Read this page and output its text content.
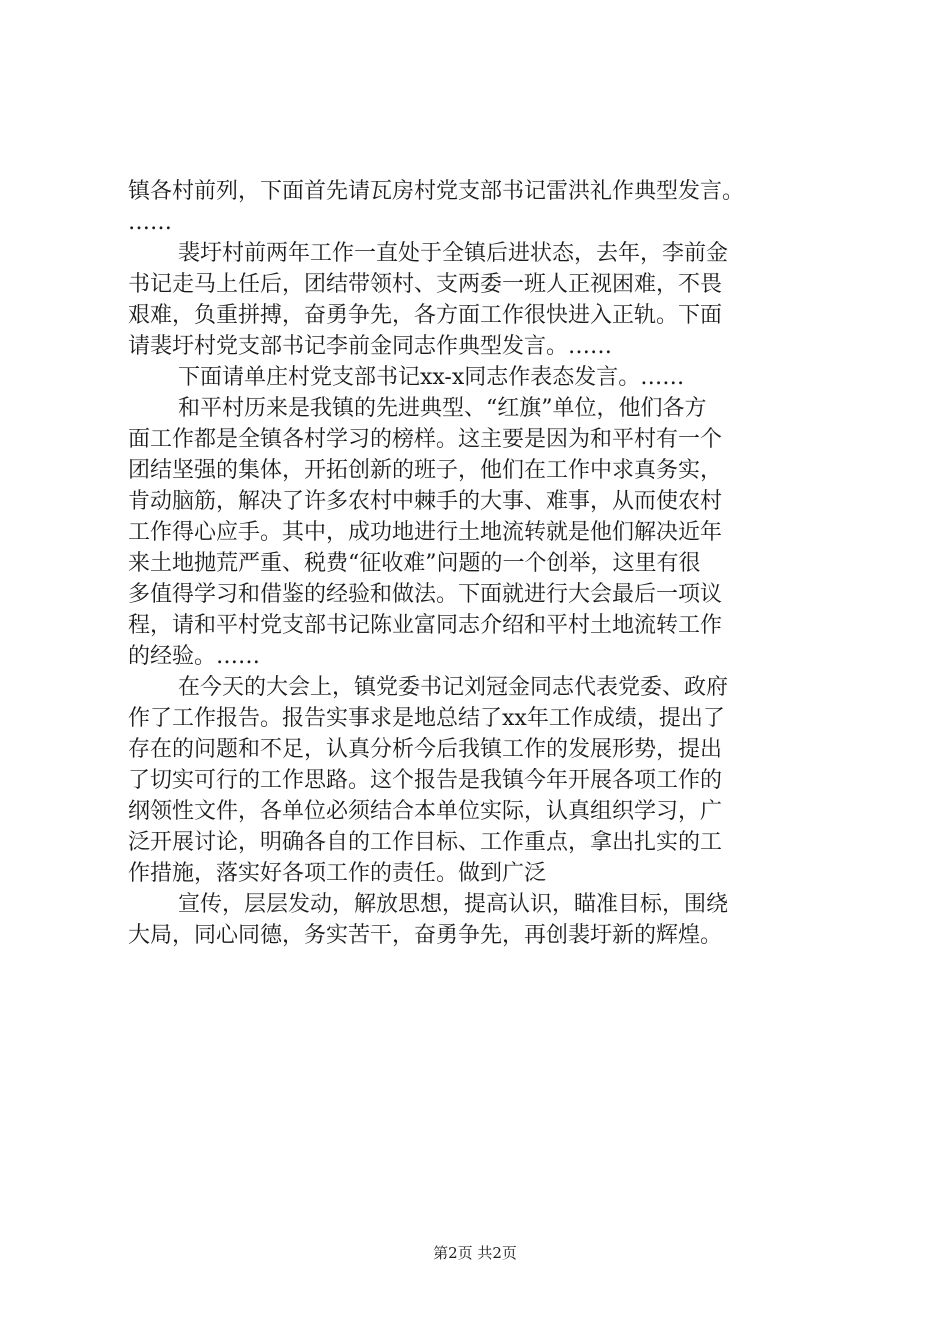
镇各村前列，下面首先请瓦房村党支部书记雷洪礼作典型发言。
……
裴圩村前两年工作一直处于全镇后进状态，去年，李前金
书记走马上任后，团结带领村、支两委一班人正视困难，不畏
艰难，负重拼搏，奋勇争先，各方面工作很快进入正轨。下面
请裴圩村党支部书记李前金同志作典型发言。……
下面请单庄村党支部书记xx-x同志作表态发言。……
和平村历来是我镇的先进典型、“红旗”单位，他们各方
面工作都是全镇各村学习的榜样。这主要是因为和平村有一个
团结坚强的集体，开拓创新的班子，他们在工作中求真务实，
肯动脑筋，解决了许多农村中棘手的大事、难事，从而使农村
工作得心应手。其中，成功地进行土地流转就是他们解决近年
来土地抛荒严重、税费“征收难”问题的一个创举，这里有很
多值得学习和借鉴的经验和做法。下面就进行大会最后一项议
程，请和平村党支部书记陈业富同志介绍和平村土地流转工作
的经验。……
在今天的大会上，镇党委书记刘冠金同志代表党委、政府
作了工作报告。报告实事求是地总结了xx年工作成绩，提出了
存在的问题和不足，认真分析今后我镇工作的发展形势，提出
了切实可行的工作思路。这个报告是我镇今年开展各项工作的
纲领性文件，各单位必须结合本单位实际，认真组织学习，广
泛开展讨论，明确各自的工作目标、工作重点，拿出扎实的工
作措施，落实好各项工作的责任。做到广泛
宣传，层层发动，解放思想，提高认识，瞄准目标，围绕
大局，同心同德，务实苦干，奋勇争先，再创裴圩新的辉煌。
第2页 共2页
